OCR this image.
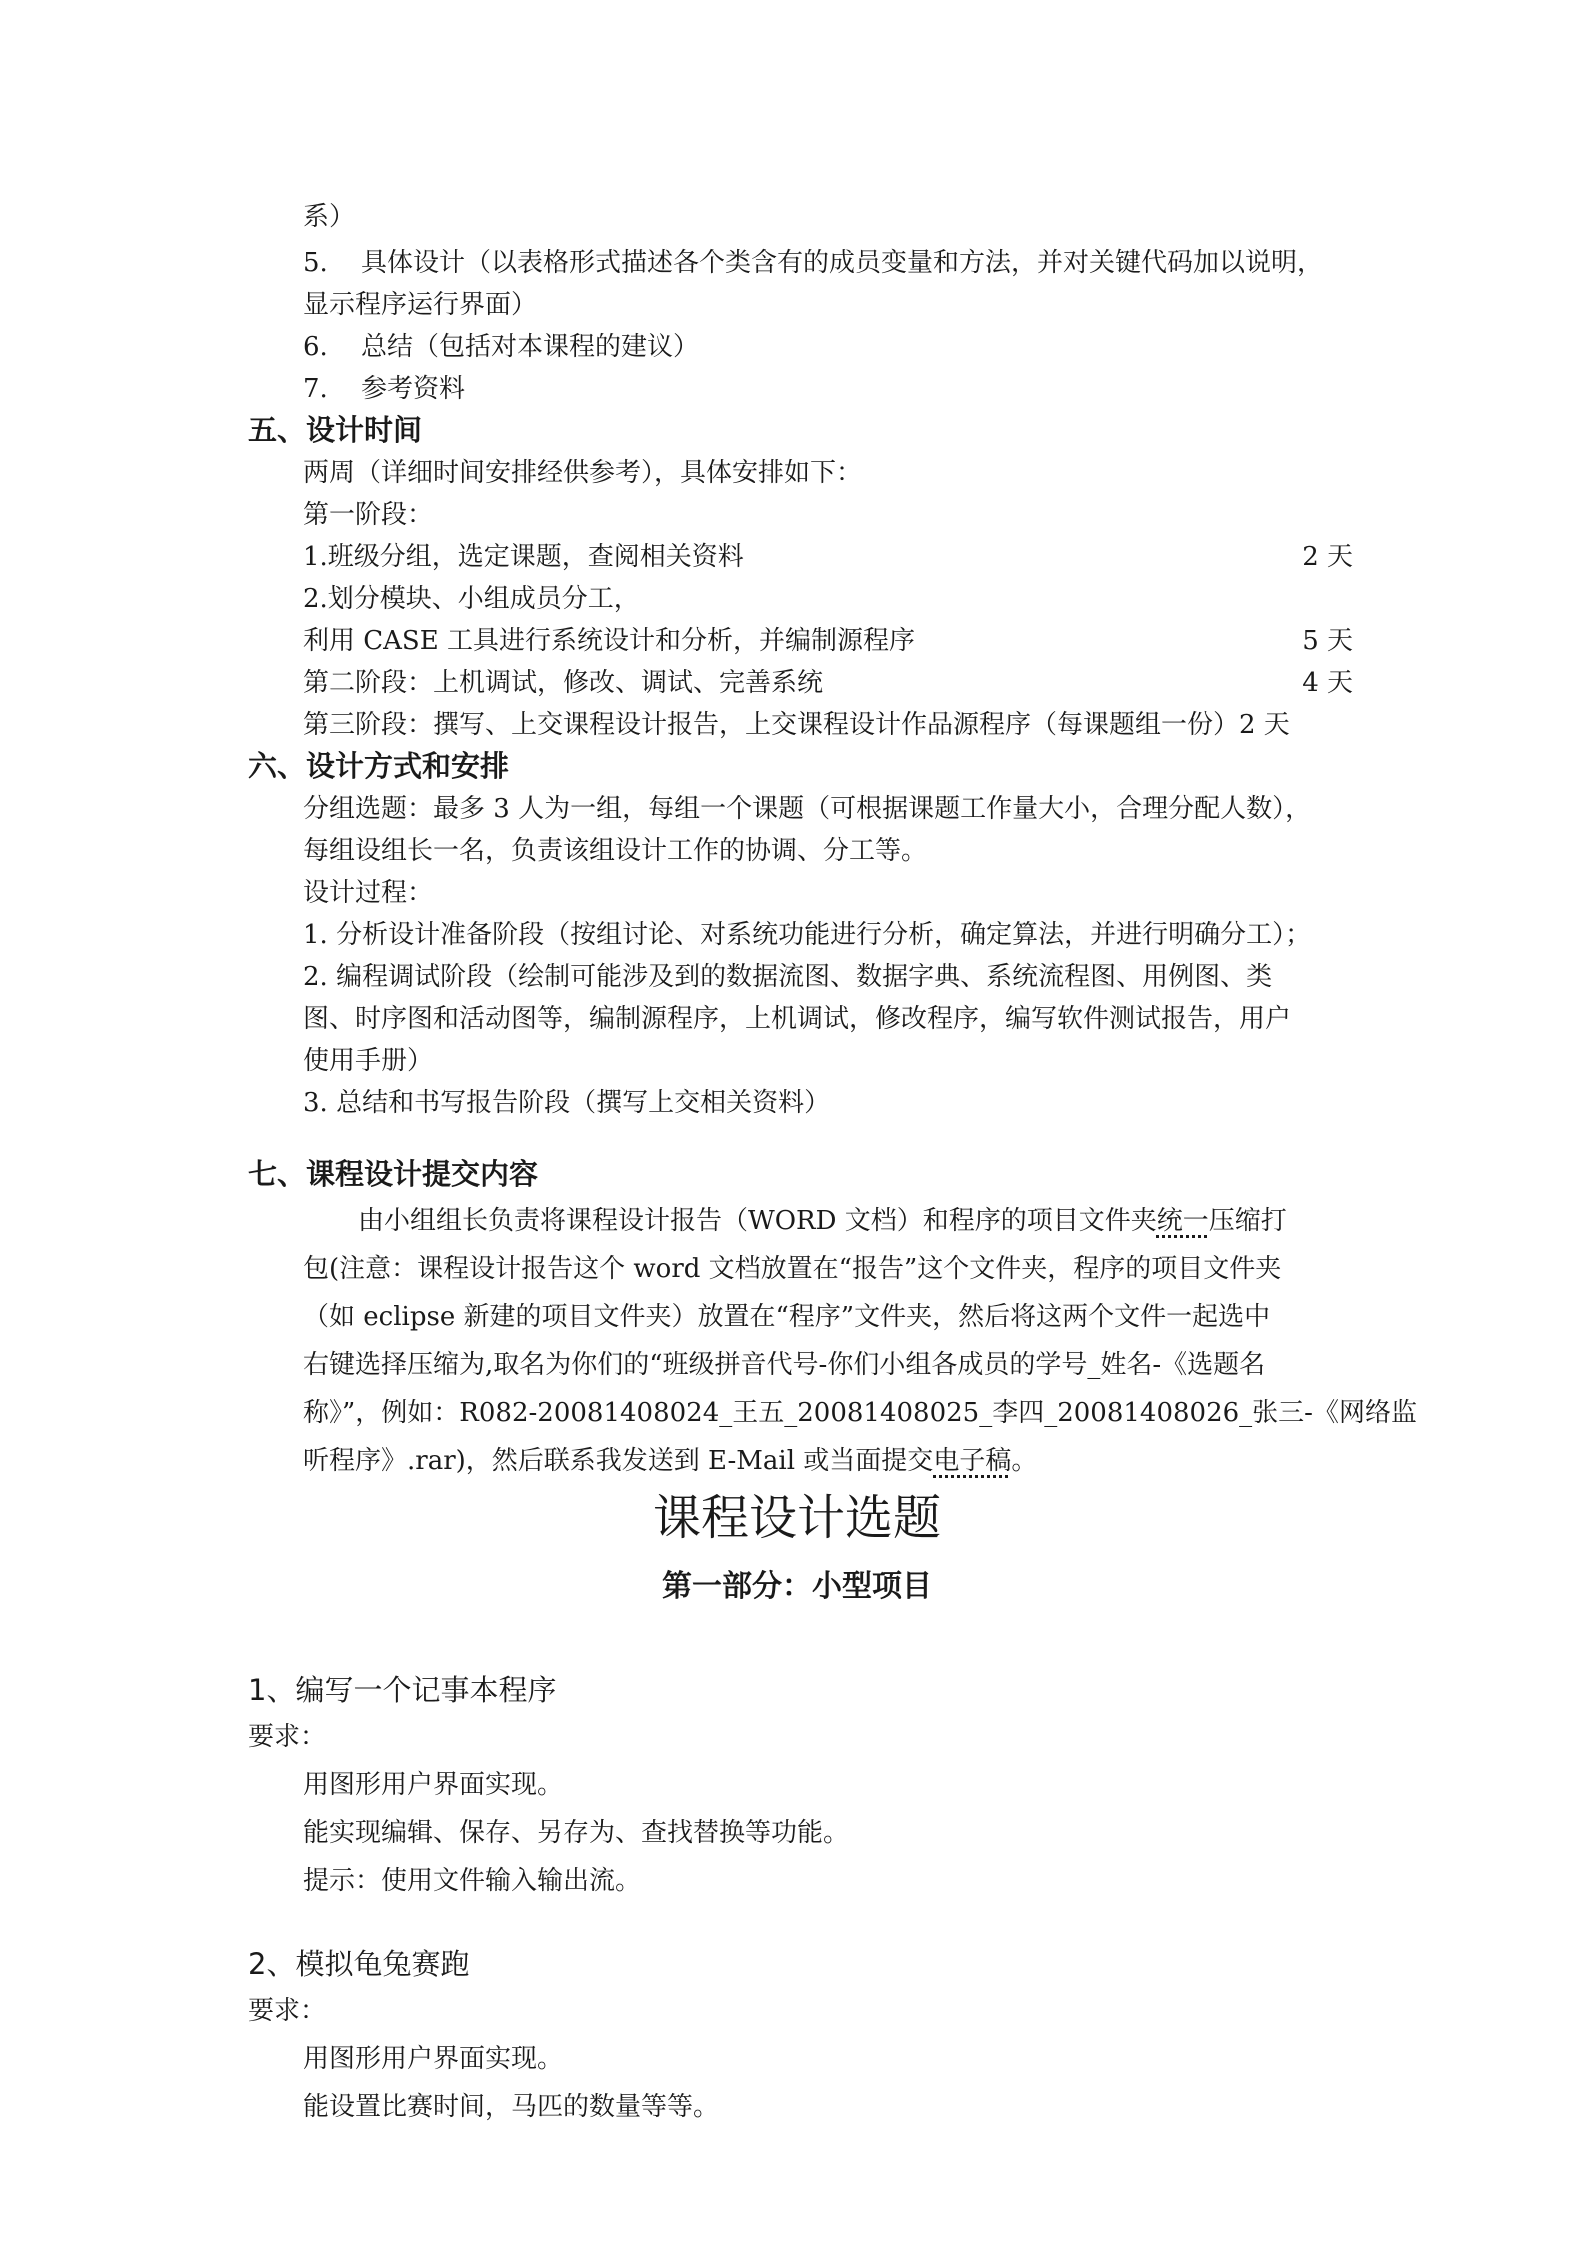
系）
5. 具体设计（以表格形式描述各个类含有的成员变量和方法，并对关键代码加以说明，
显示程序运行界面）
6. 总结（包括对本课程的建议）
7. 参考资料
五、设计时间
两周（详细时间安排经供参考），具体安排如下：
第一阶段：
1.班级分组，选定课题，查阅相关资料	2 天
2.划分模块、小组成员分工，
利用 CASE 工具进行系统设计和分析，并编制源程序	5 天
第二阶段：上机调试，修改、调试、完善系统	4 天
第三阶段：撰写、上交课程设计报告，上交课程设计作品源程序（每课题组一份）2 天
六、设计方式和安排
分组选题：最多 3 人为一组，每组一个课题（可根据课题工作量大小，合理分配人数），
每组设组长一名，负责该组设计工作的协调、分工等。
设计过程：
1. 分析设计准备阶段（按组讨论、对系统功能进行分析，确定算法，并进行明确分工）；
2. 编程调试阶段（绘制可能涉及到的数据流图、数据字典、系统流程图、用例图、类
图、时序图和活动图等，编制源程序，上机调试，修改程序，编写软件测试报告，用户
使用手册）
3. 总结和书写报告阶段（撰写上交相关资料）
七、课程设计提交内容
由小组组长负责将课程设计报告（WORD 文档）和程序的项目文件夹统一压缩打
包(注意：课程设计报告这个 word 文档放置在“报告”这个文件夹，程序的项目文件夹
（如 eclipse 新建的项目文件夹）放置在“程序”文件夹，然后将这两个文件一起选中
右键选择压缩为,取名为你们的“班级拼音代号-你们小组各成员的学号_姓名-《选题名
称》”，例如：R082-20081408024_王五_20081408025_李四_20081408026_张三-《网络监
听程序》.rar)，然后联系我发送到 E-Mail 或当面提交电子稿。
课程设计选题
第一部分：小型项目
1、编写一个记事本程序
要求：
用图形用户界面实现。
能实现编辑、保存、另存为、查找替换等功能。
提示：使用文件输入输出流。
2、模拟龟兔赛跑
要求：
用图形用户界面实现。
能设置比赛时间，马匹的数量等等。
